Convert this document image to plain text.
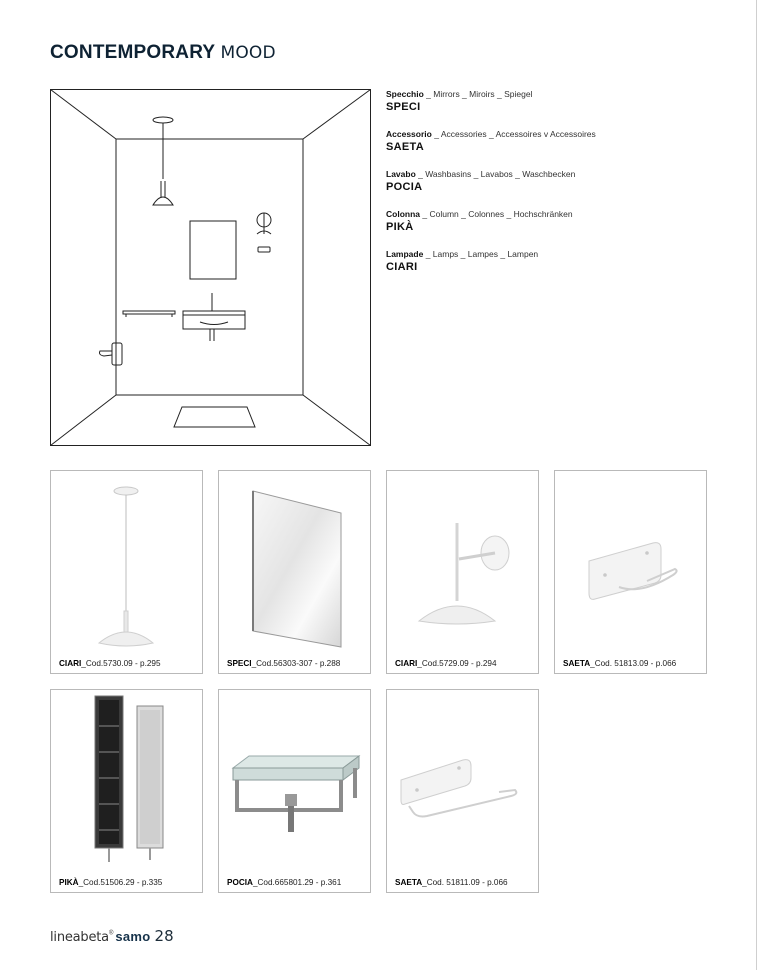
CONTEMPORARY MOOD
Specchio _ Mirrors _ Miroirs _ Spiegel
SPECI
Accessorio _ Accessories _ Accessoires v Accessoires
SAETA
Lavabo _ Washbasins _ Lavabos _ Waschbecken
POCIA
Colonna _ Column _ Colonnes _ Hochschränken
PIKÀ
Lampade _ Lamps _ Lampes _ Lampen
CIARI
CIARI_Cod.5730.09 - p.295	SPECI_Cod.56303-307 - p.288	CIARI_Cod.5729.09 - p.294	SAETA_Cod. 51813.09 - p.066
PIKÀ_Cod.51506.29 - p.335	POCIA_Cod.665801.29 - p.361	SAETA_Cod. 51811.09 - p.066
lineabeta® samo 28
